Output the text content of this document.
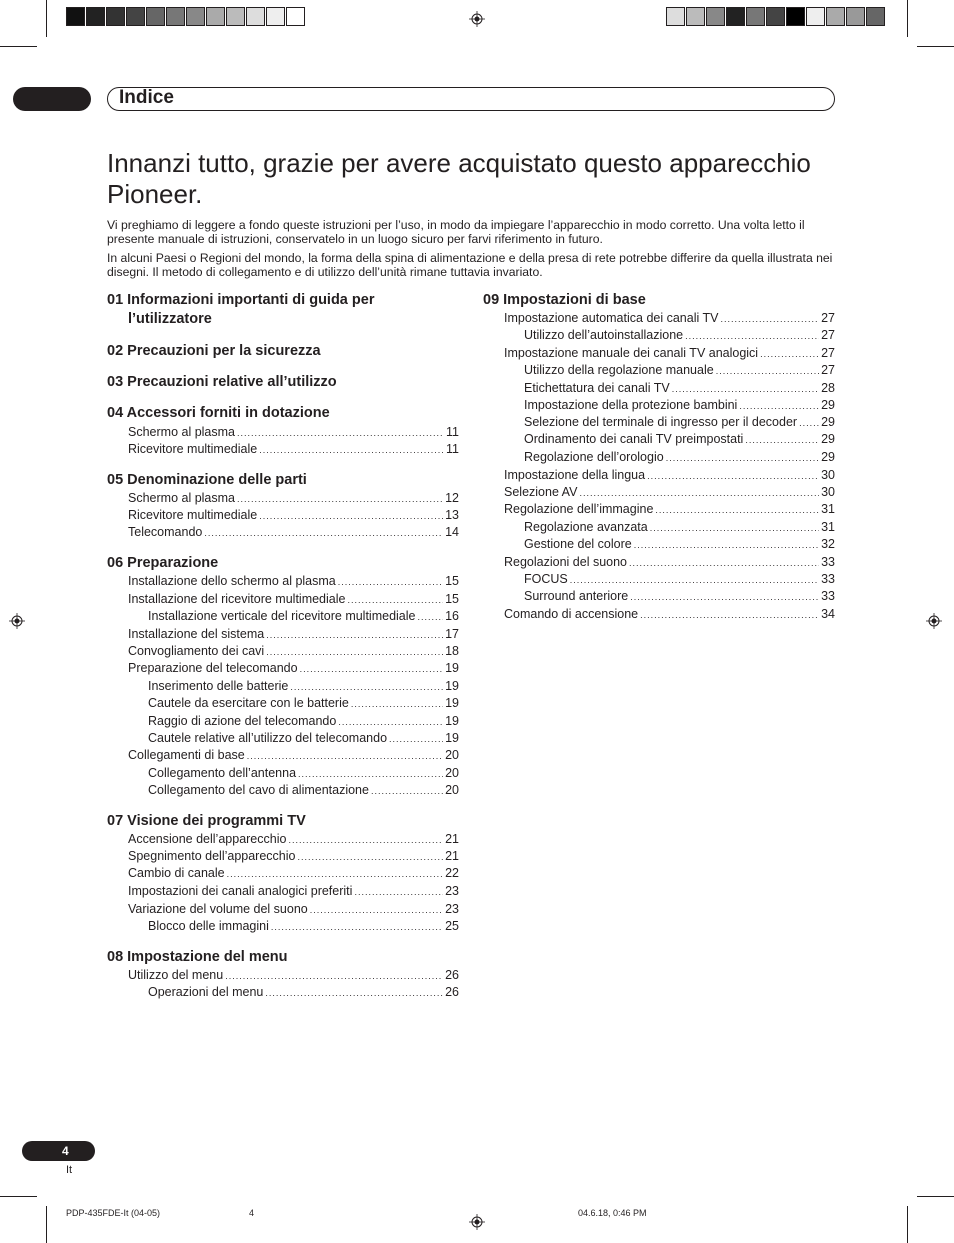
Indice
Innanzi tutto, grazie per avere acquistato questo apparecchio Pioneer.

Vi preghiamo di leggere a fondo queste istruzioni per l’uso, in modo da impiegare l’apparecchio in modo corretto. Una volta letto il presente manuale di istruzioni, conservatelo in un luogo sicuro per farvi riferimento in futuro.

In alcuni Paesi o Regioni del mondo, la forma della spina di alimentazione e della presa di rete potrebbe differire da quella illustrata nei disegni. Il metodo di collegamento e di utilizzo dell’unità rimane tuttavia invariato.

01 Informazioni importanti di guida per
l’utilizzatore
02 Precauzioni per la sicurezza
03 Precauzioni relative all’utilizzo
04 Accessori forniti in dotazione
05 Denominazione delle parti
06 Preparazione
07 Visione dei programmi TV
08 Impostazione del menu
09 Impostazioni di base
Schermo al plasma .....	11
Ricevitore multimediale .....	11
Schermo al plasma .....	12
Ricevitore multimediale .....	13
Telecomando .....	14
Installazione dello schermo al plasma .....	15
Installazione del ricevitore multimediale .....	15
Installazione verticale del ricevitore multimediale ..... 16
Installazione del sistema .....	17
Convogliamento dei cavi .....	18
Preparazione del telecomando .....	19
Inserimento delle batterie .....	19
Cautele da esercitare con le batterie .....	19
Raggio di azione del telecomando .....	19
Cautele relative all’utilizzo del telecomando .....	19
Collegamenti di base .....	20
Collegamento dell’antenna .....	20
Collegamento del cavo di alimentazione .....	20
Accensione dell’apparecchio .....	21
Spegnimento dell’apparecchio .....	21
Cambio di canale .....	22
Impostazioni dei canali analogici preferiti .....	23
Variazione del volume del suono .....	23
Blocco delle immagini .....	25
Utilizzo del menu .....	26
Operazioni del menu .....	26
Impostazione automatica dei canali TV .....	27
Utilizzo dell’autoinstallazione .....	27
Impostazione manuale dei canali TV analogici .....	27
Utilizzo della regolazione manuale .....	27
Etichettatura dei canali TV .....	28
Impostazione della protezione bambini .....	29
Selezione del terminale di ingresso per il decoder ..... 29
Ordinamento dei canali TV preimpostati .....	29
Regolazione dell’orologio .....	29
Impostazione della lingua .....	30
Selezione AV .....	30
Regolazione dell’immagine .....	31
Regolazione avanzata .....	31
Gestione del colore .....	32
Regolazioni del suono .....	33
FOCUS .....	33
Surround anteriore .....	33
Comando di accensione .....	34
4
It
PDP-435FDE-It (04-05)	4	04.6.18, 0:46 PM
